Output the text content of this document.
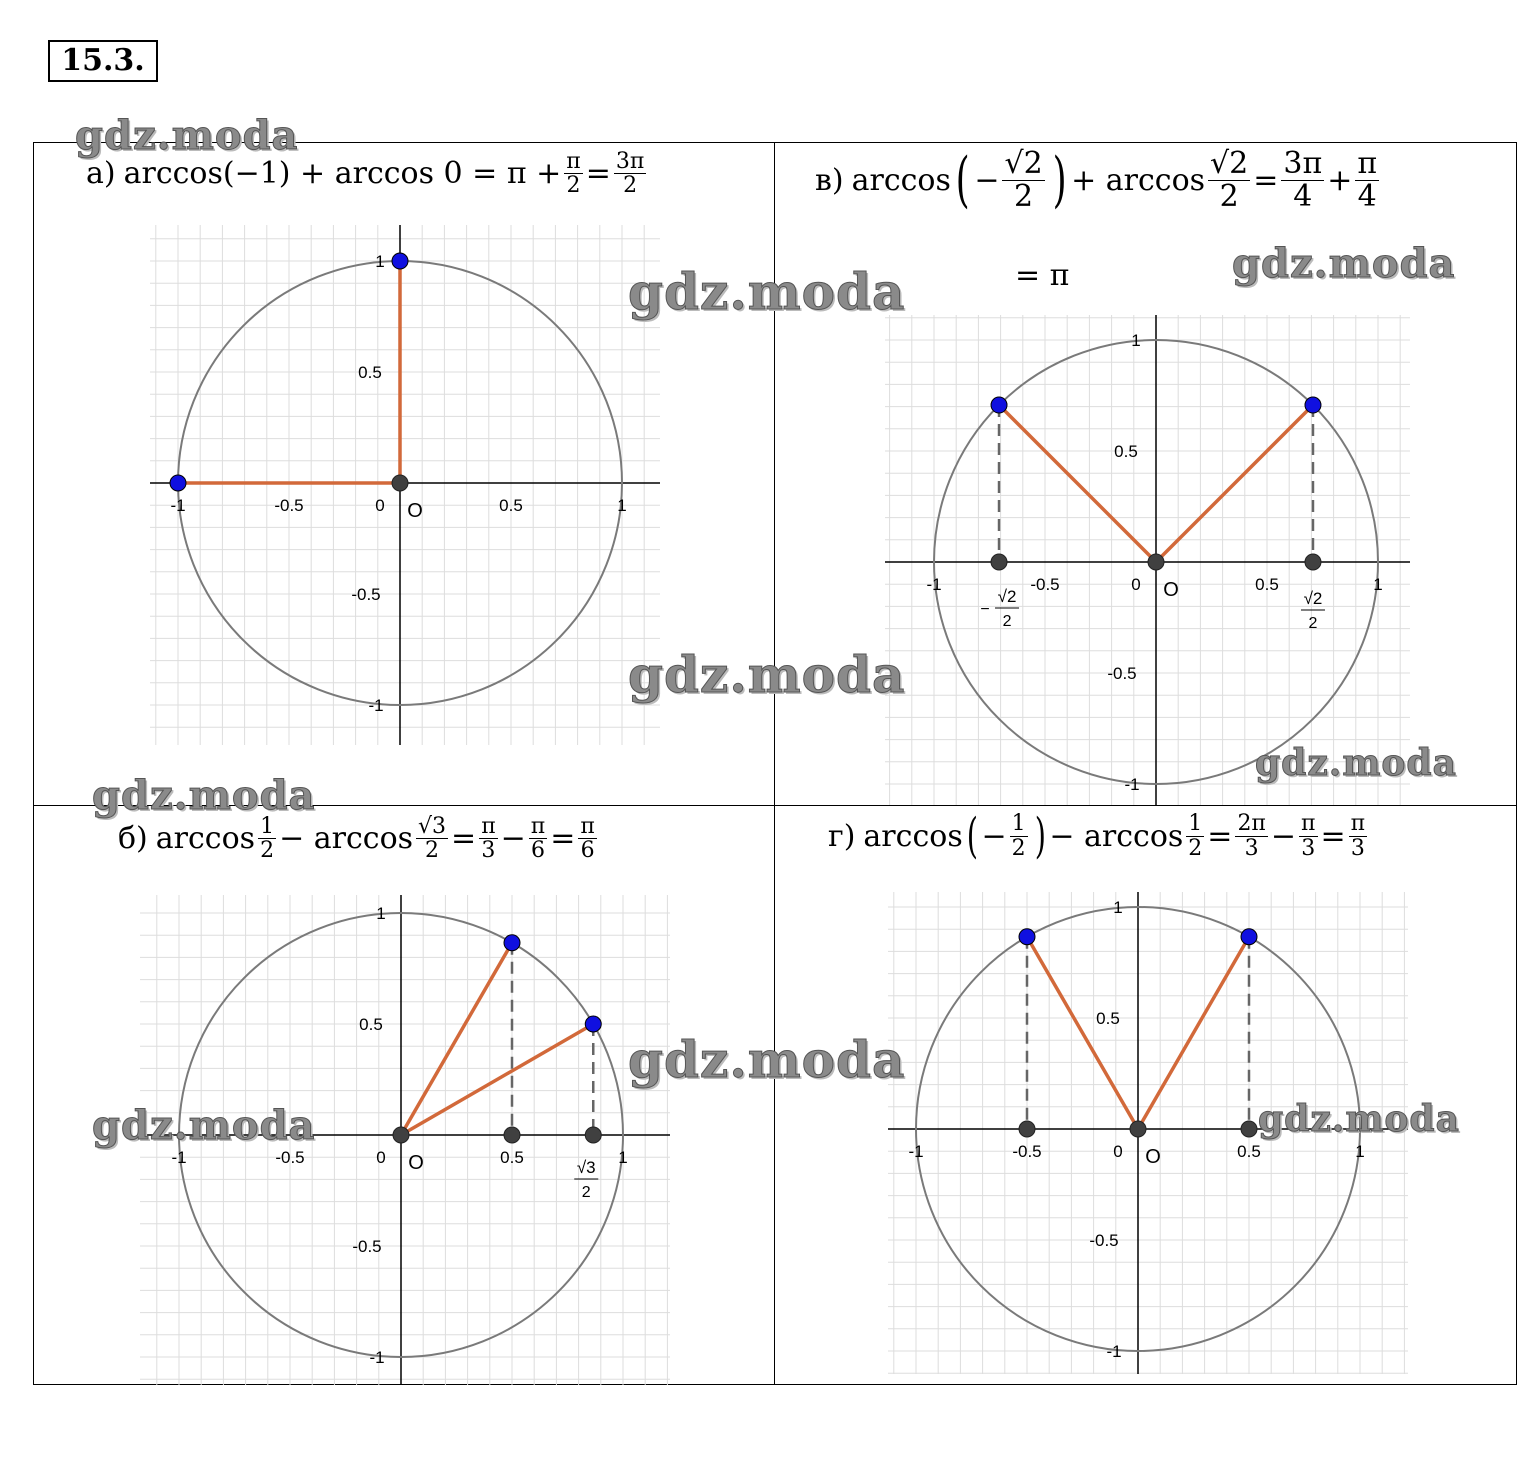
15.3.
а) $\arccos(-1) + \arccos 0 = \pi + \frac{\pi}{2} = \frac{3\pi}{2}$	в) arccos ( − $\frac{√2}{2}$ ) + $\arccos \frac{√2}{2} = \frac{3\pi}{4} + \frac{\pi}{4}$
= π
б) $\arccos \frac{1}{2} - \arccos \frac{√3}{2} = \frac{\pi}{3} - \frac{\pi}{6} = \frac{\pi}{6}$	г) arccos ( − $\frac{1}{2}$ ) − $\arccos \frac{1}{2} = \frac{2\pi}{3} - \frac{\pi}{3} = \frac{\pi}{3}$
-1	-0.5	0 O	0.5	1
1
0.5
-0.5
-1
-1	-0.5	0 O	0.5	1
1
0.5
-0.5
-1
−
√2
2
√2
2
-1	-0.5	0 O	0.5	1
1
0.5
-0.5
-1
√3
2
-1	-0.5	0 O	0.5	1
1
0.5
-0.5
-1
gdz.moda
gdz.moda	gdz.moda
gdz.moda
gdz.moda
gdz.moda
gdz.moda
gdz.moda	gdz.moda
